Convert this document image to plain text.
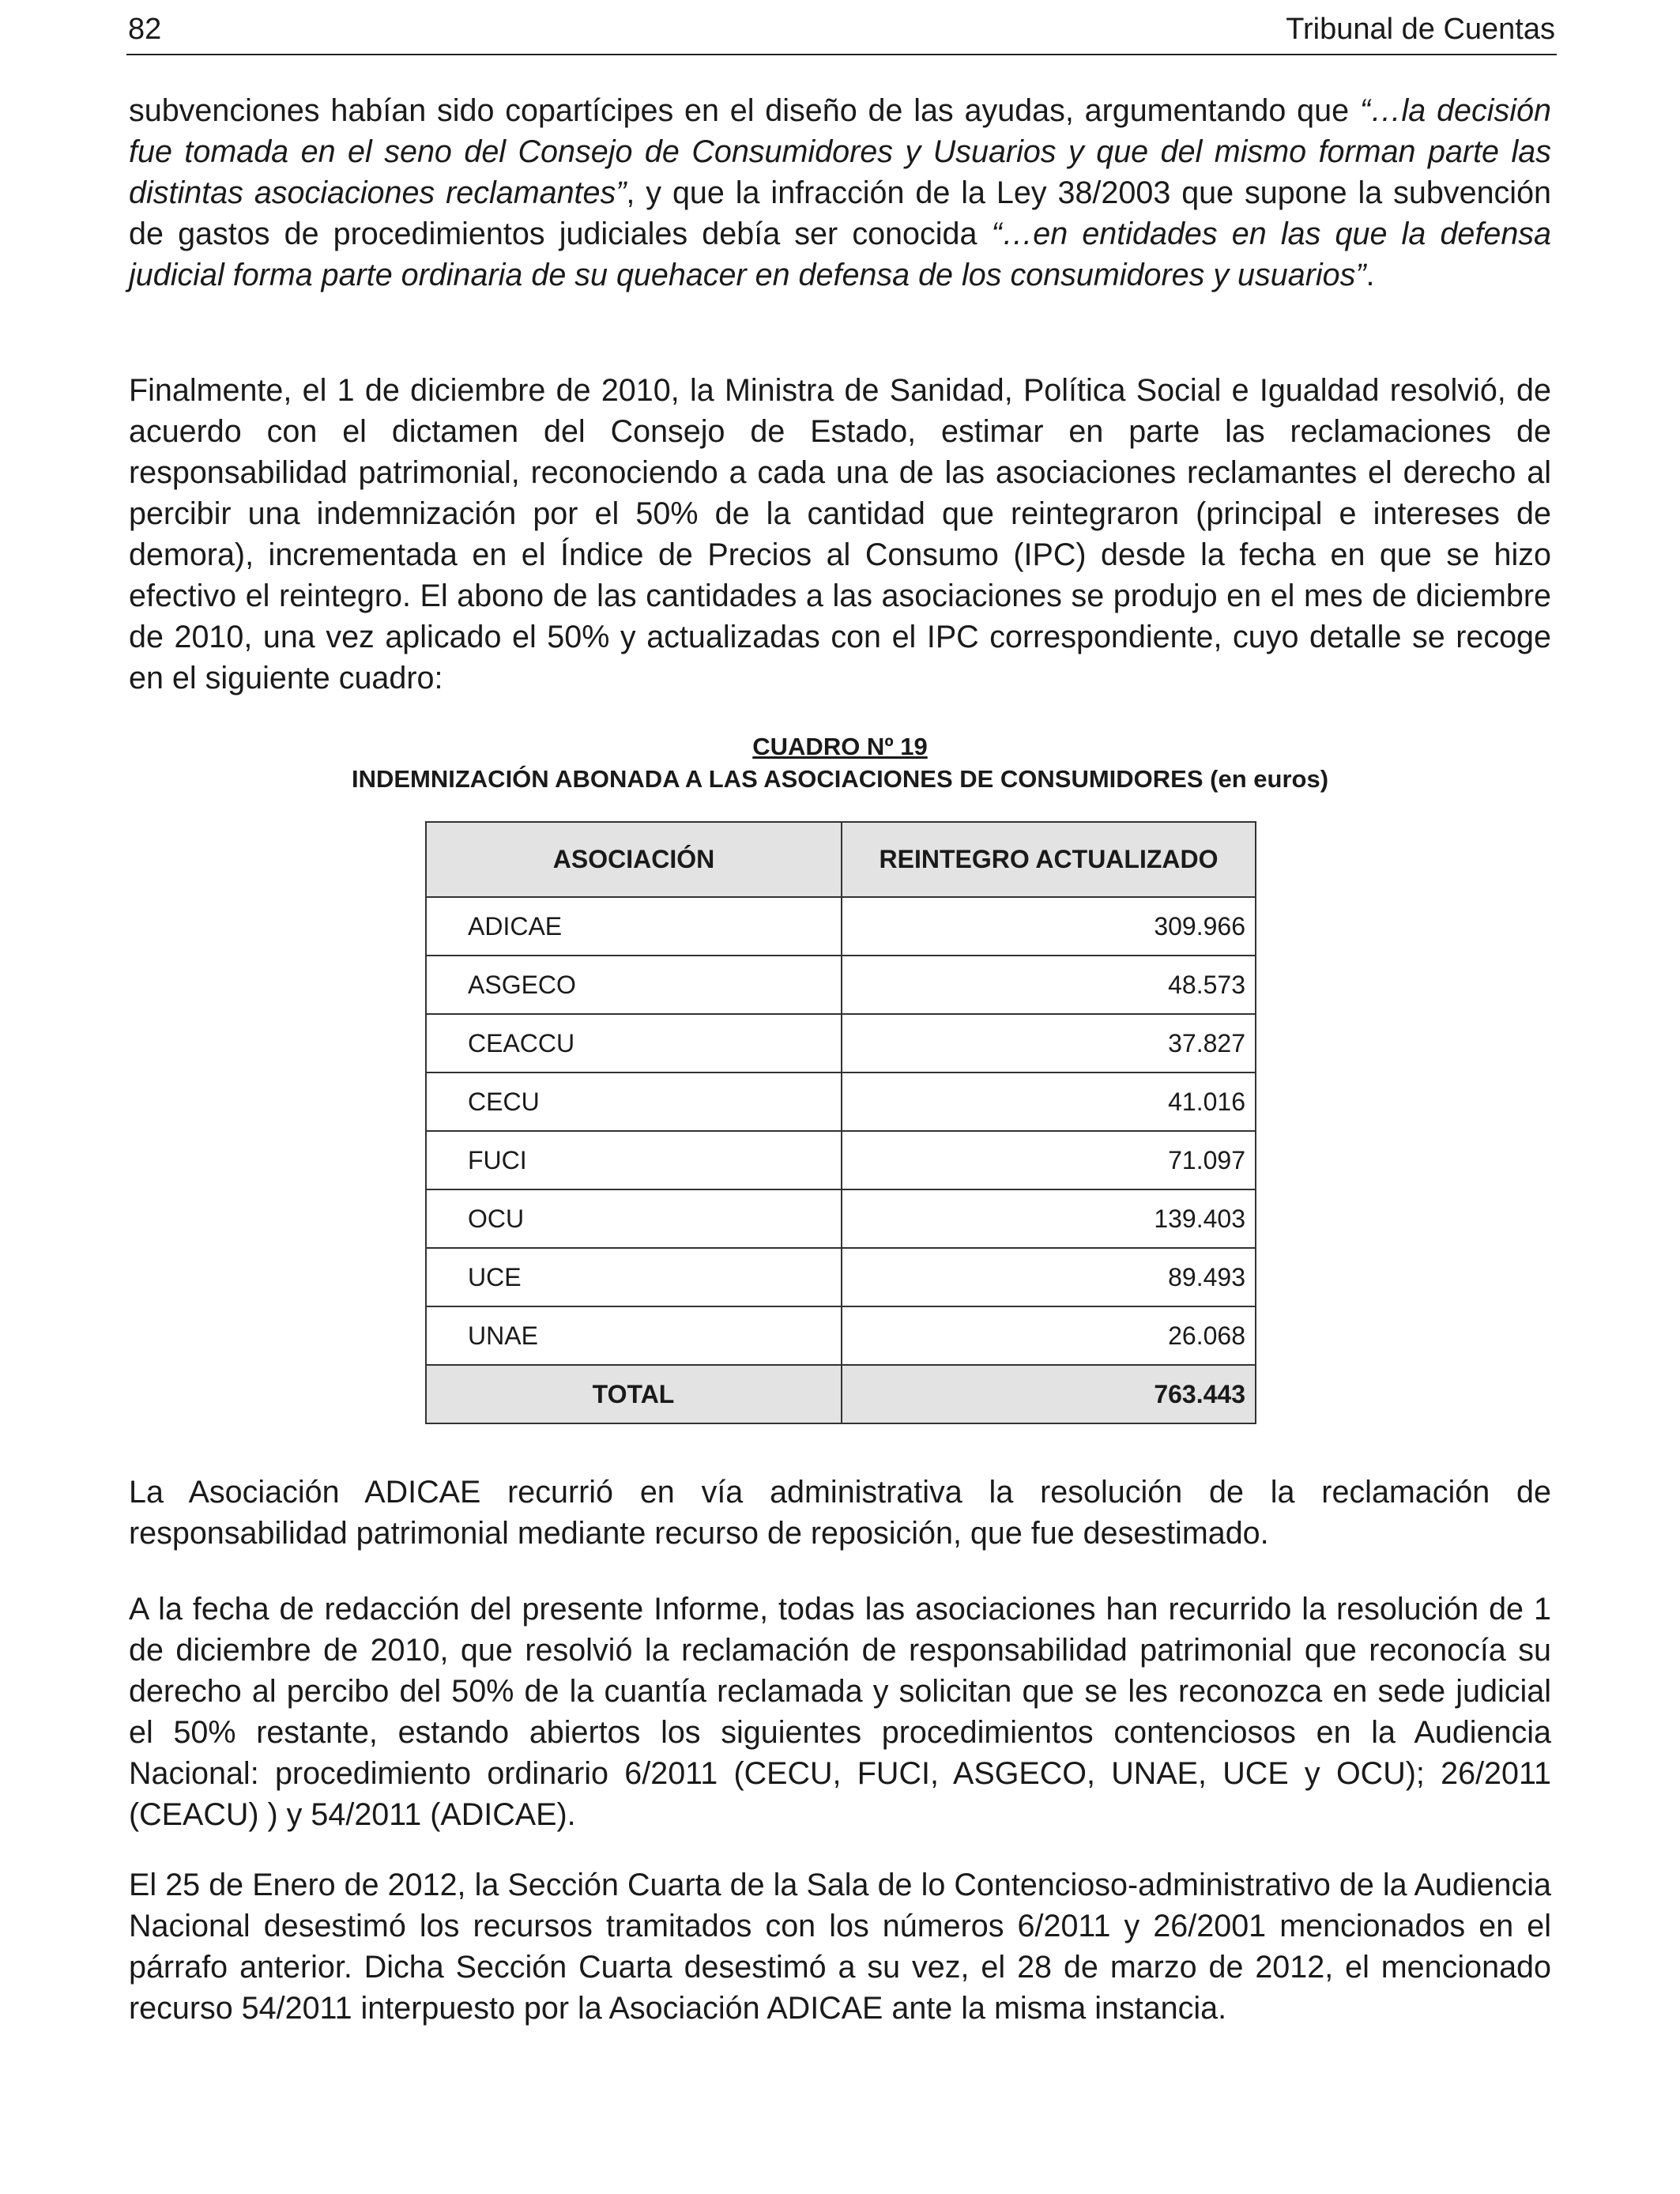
82	Tribunal de Cuentas

subvenciones habían sido copartícipes en el diseño de las ayudas, argumentando que “…la decisión fue tomada en el seno del Consejo de Consumidores y Usuarios y que del mismo forman parte las distintas asociaciones reclamantes”, y que la infracción de la Ley 38/2003 que supone la subvención de gastos de procedimientos judiciales debía ser conocida “…en entidades en las que la defensa judicial forma parte ordinaria de su quehacer en defensa de los consumidores y usuarios”.

Finalmente, el 1 de diciembre de 2010, la Ministra de Sanidad, Política Social e Igualdad resolvió, de acuerdo con el dictamen del Consejo de Estado, estimar en parte las reclamaciones de responsabilidad patrimonial, reconociendo a cada una de las asociaciones reclamantes el derecho al percibir una indemnización por el 50% de la cantidad que reintegraron (principal e intereses de demora), incrementada en el Índice de Precios al Consumo (IPC) desde la fecha en que se hizo efectivo el reintegro. El abono de las cantidades a las asociaciones se produjo en el mes de diciembre de 2010, una vez aplicado el 50% y actualizadas con el IPC correspondiente, cuyo detalle se recoge en el siguiente cuadro:

CUADRO Nº 19
INDEMNIZACIÓN ABONADA A LAS ASOCIACIONES DE CONSUMIDORES (en euros)
ASOCIACIÓN	REINTEGRO ACTUALIZADO
ADICAE	309.966
ASGECO	48.573
CEACCU	37.827
CECU	41.016
FUCI	71.097
OCU	139.403
UCE	89.493
UNAE	26.068
TOTAL	763.443

La Asociación ADICAE recurrió en vía administrativa la resolución de la reclamación de responsabilidad patrimonial mediante recurso de reposición, que fue desestimado.

A la fecha de redacción del presente Informe, todas las asociaciones han recurrido la resolución de 1 de diciembre de 2010, que resolvió la reclamación de responsabilidad patrimonial que reconocía su derecho al percibo del 50% de la cuantía reclamada y solicitan que se les reconozca en sede judicial el 50% restante, estando abiertos los siguientes procedimientos contenciosos en la Audiencia Nacional: procedimiento ordinario 6/2011 (CECU, FUCI, ASGECO, UNAE, UCE y OCU); 26/2011 (CEACU) ) y 54/2011 (ADICAE).

El 25 de Enero de 2012, la Sección Cuarta de la Sala de lo Contencioso-administrativo de la Audiencia Nacional desestimó los recursos tramitados con los números 6/2011 y 26/2001 mencionados en el párrafo anterior. Dicha Sección Cuarta desestimó a su vez, el 28 de marzo de 2012, el mencionado recurso 54/2011 interpuesto por la Asociación ADICAE ante la misma instancia.
